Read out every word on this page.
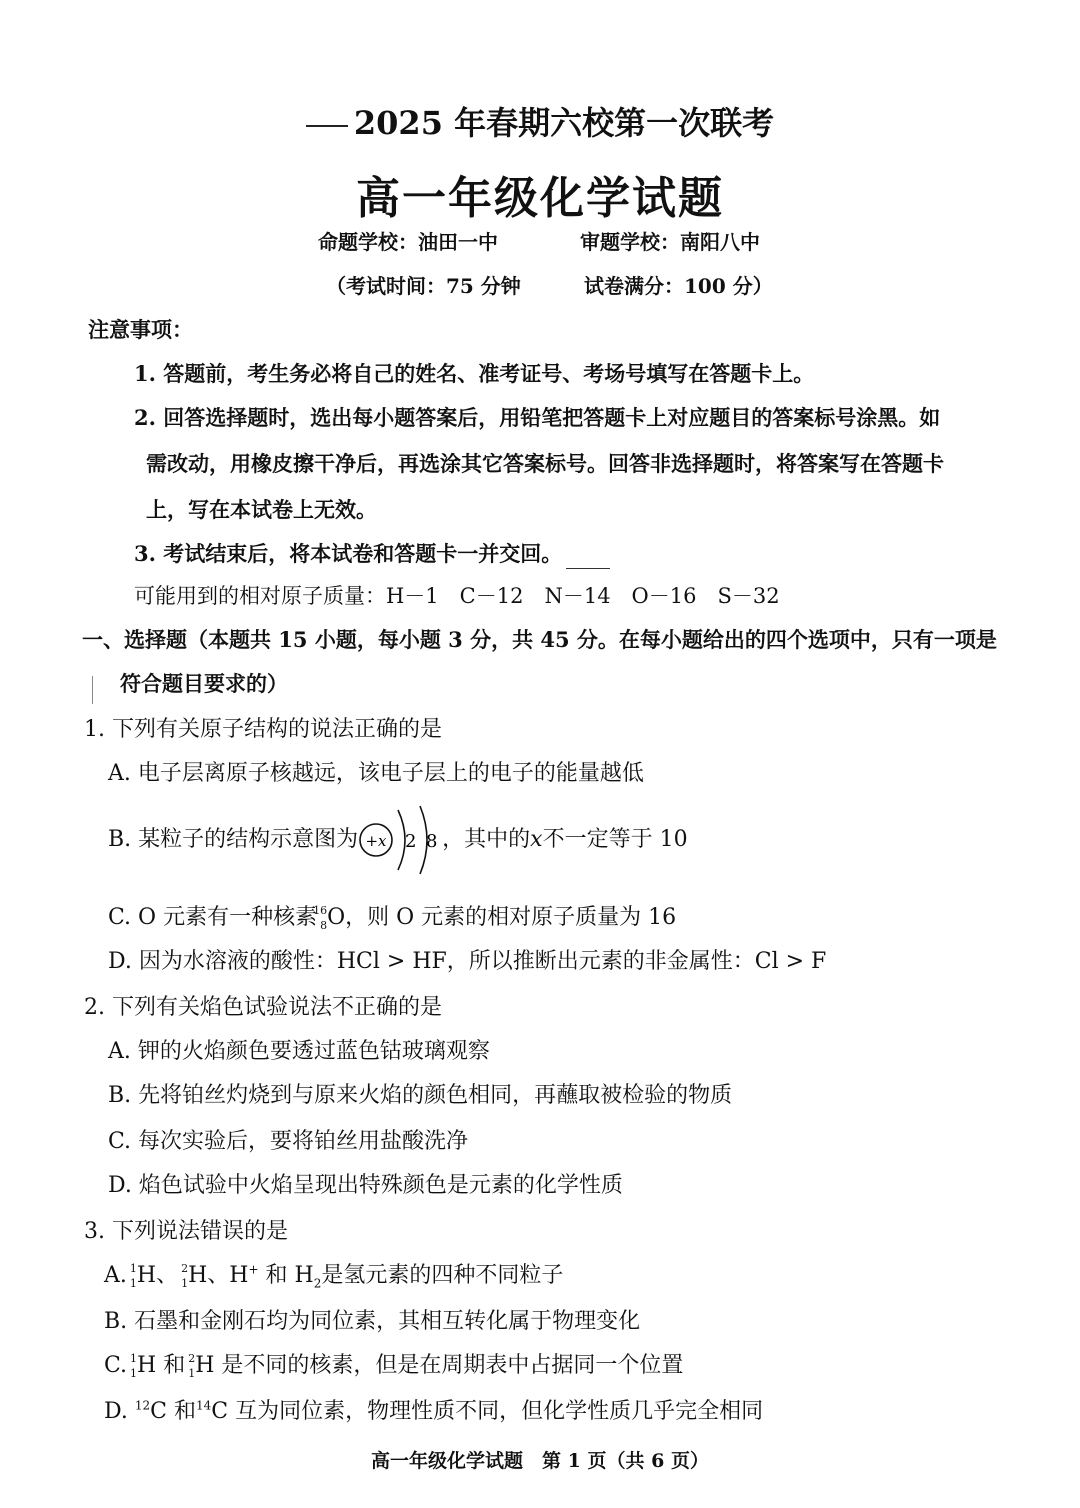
2025 年春期六校第一次联考
高一年级化学试题
命题学校：油田一中	审题学校：南阳八中
（考试时间：75 分钟	试卷满分：100 分）
注意事项：
1. 答题前，考生务必将自己的姓名、准考证号、考场号填写在答题卡上。
2. 回答选择题时，选出每小题答案后，用铅笔把答题卡上对应题目的答案标号涂黑。如
需改动，用橡皮擦干净后，再选涂其它答案标号。回答非选择题时，将答案写在答题卡
上，写在本试卷上无效。
3. 考试结束后，将本试卷和答题卡一并交回。
可能用到的相对原子质量：H－1　C－12　N－14　O－16　S－32
一、选择题（本题共 15 小题，每小题 3 分，共 45 分。在每小题给出的四个选项中，只有一项是
符合题目要求的）
1. 下列有关原子结构的说法正确的是
A. 电子层离原子核越远，该电子层上的电子的能量越低
B. 某粒子的结构示意图为 +x 2 8 ，其中的x不一定等于 10
C. O 元素有一种核素
16
8 O，则 O 元素的相对原子质量为 16
D. 因为水溶液的酸性：HCl > HF，所以推断出元素的非金属性：Cl > F
2. 下列有关焰色试验说法不正确的是
A. 钾的火焰颜色要透过蓝色钴玻璃观察
B. 先将铂丝灼烧到与原来火焰的颜色相同，再蘸取被检验的物质
C. 每次实验后，要将铂丝用盐酸洗净
D. 焰色试验中火焰呈现出特殊颜色是元素的化学性质
3. 下列说法错误的是
A. 1
1 H、 2
1 H、H+ 和 $H_2$是氢元素的四种不同粒子
B. 石墨和金刚石均为同位素，其相互转化属于物理变化
C. 1
1 H 和 2
1 H 是不同的核素，但是在周期表中占据同一个位置
D. $^{12}$C 和$^{14}$C 互为同位素，物理性质不同，但化学性质几乎完全相同
高一年级化学试题　第 1 页（共 6 页）
